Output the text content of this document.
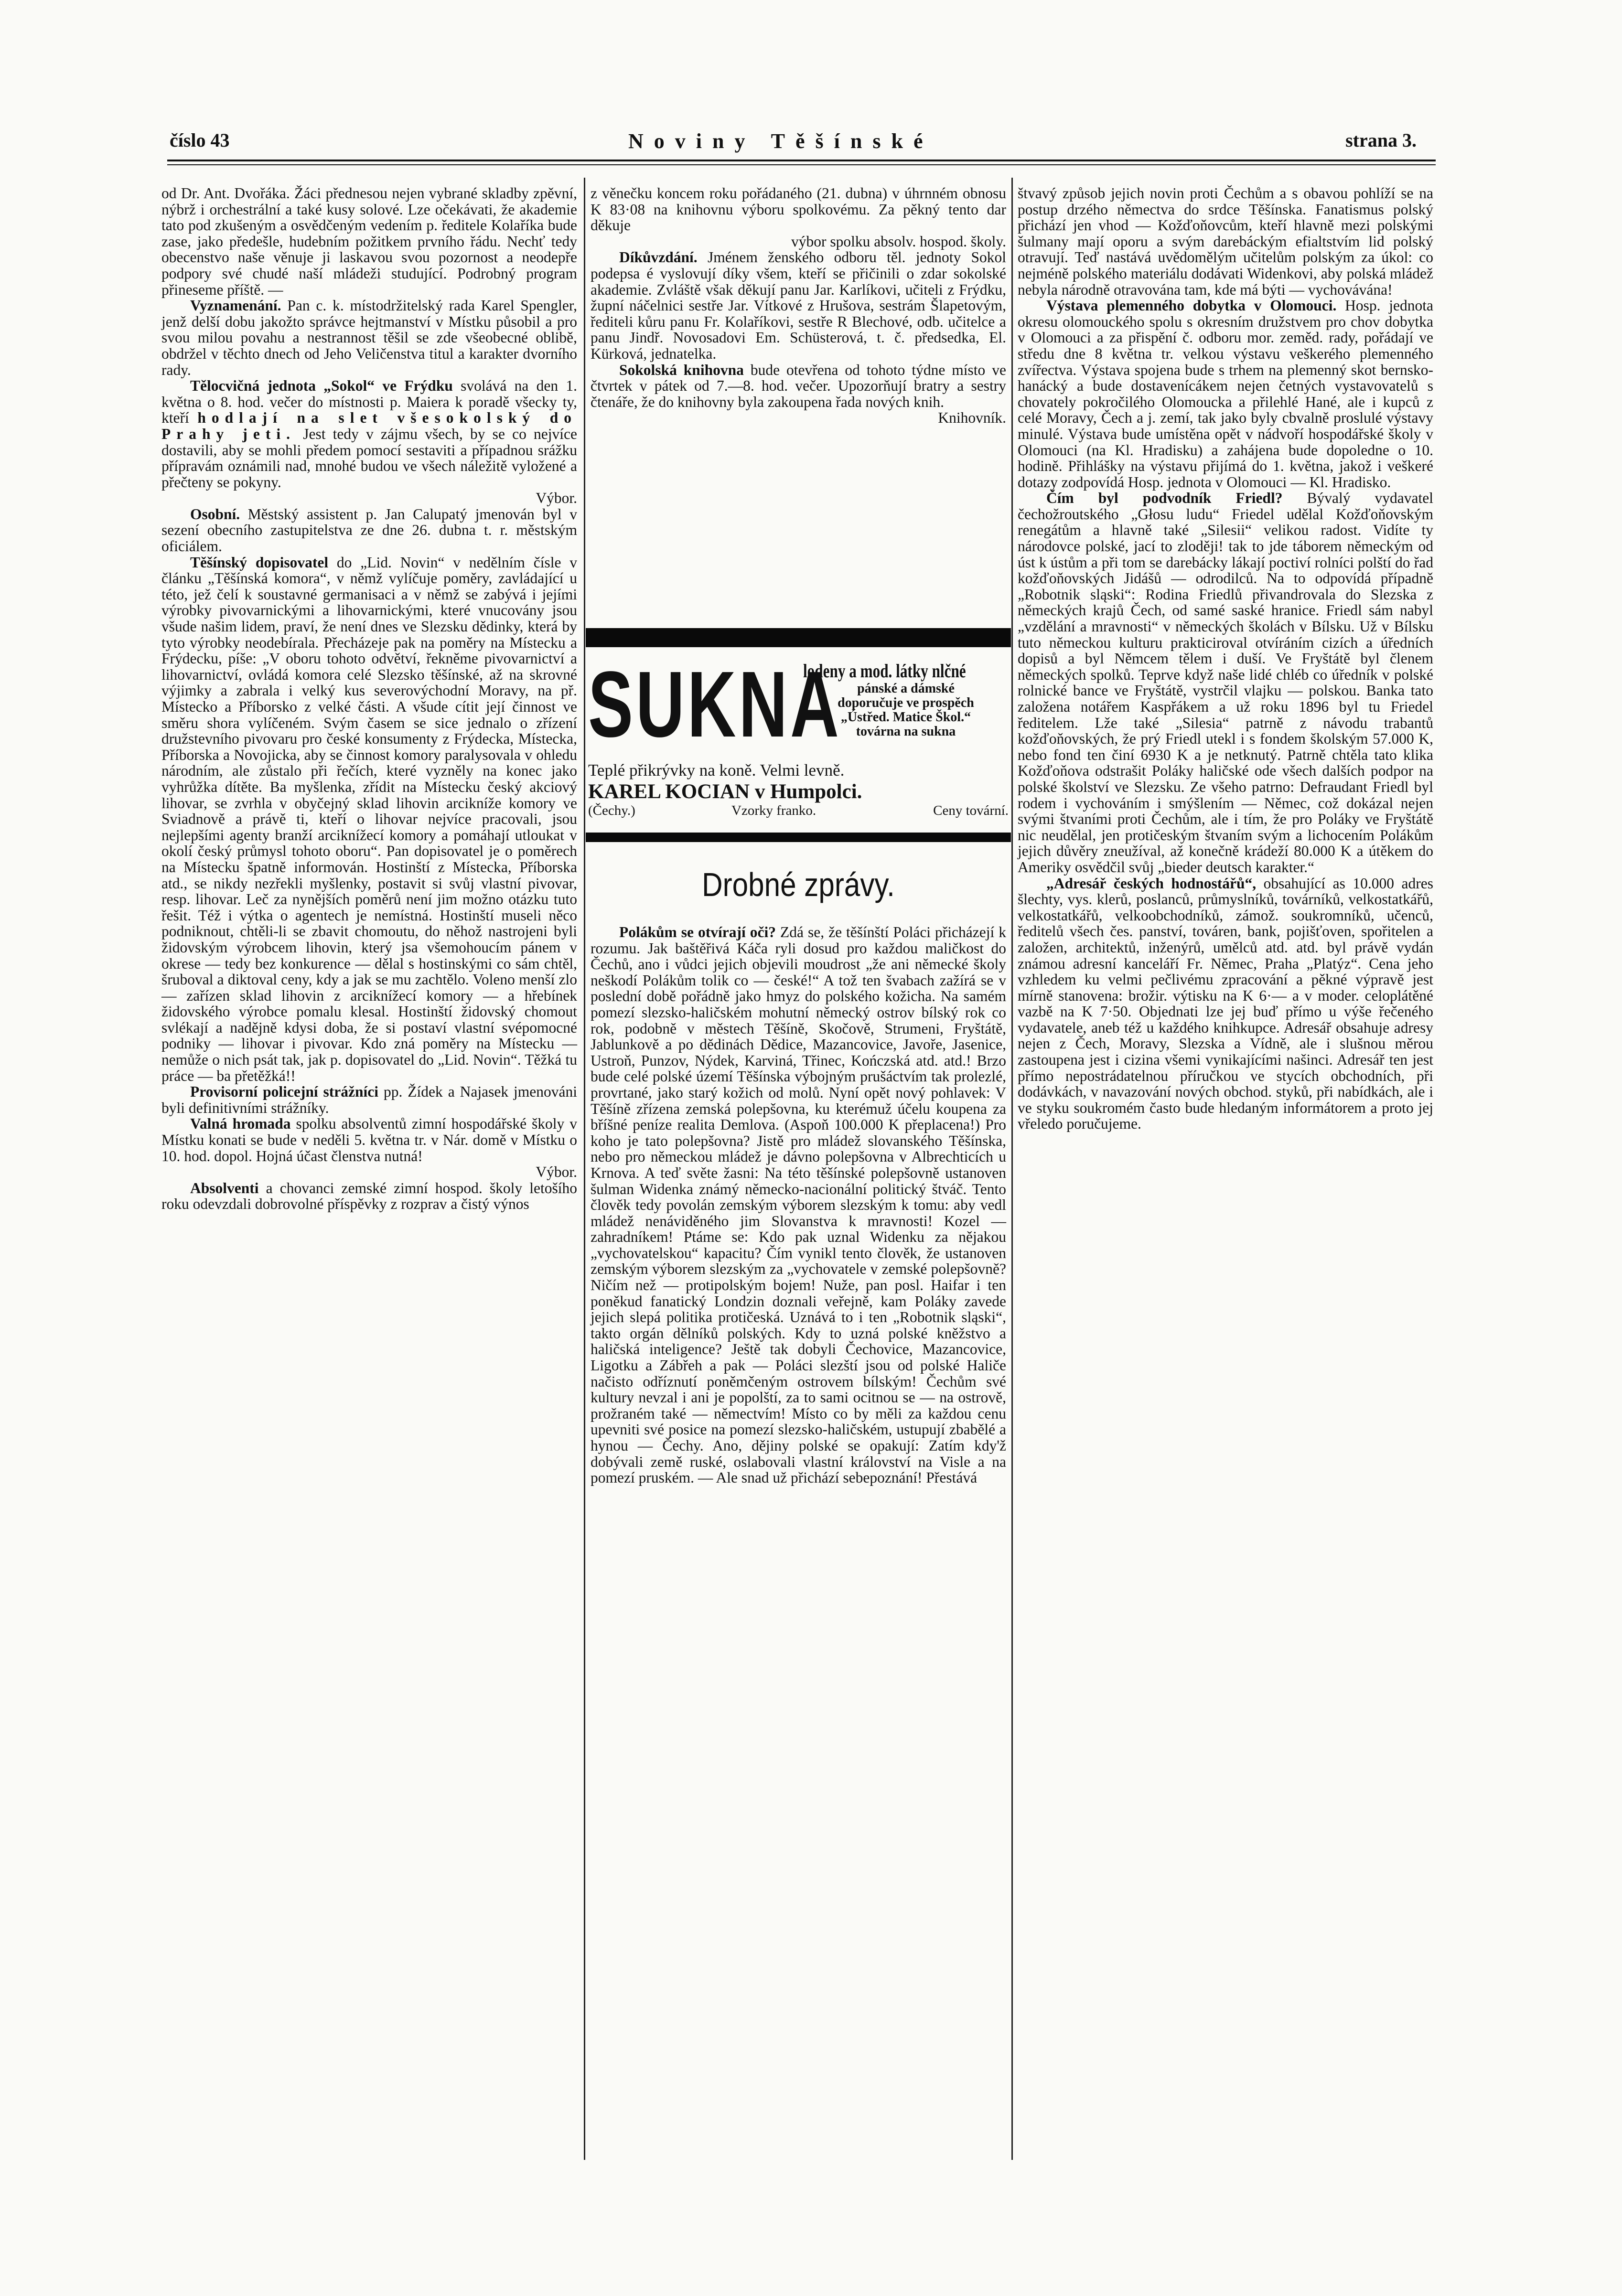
číslo 43	Noviny Těšínské	strana 3.

od Dr. Ant. Dvořáka. Žáci přednesou nejen vybrané skladby zpěvní, nýbrž i orchestrální a také kusy solové. Lze očekávati, že akademie tato pod zkušeným a osvědčeným vedením p. ředitele Kolaříka bude zase, jako předešle, hudebním požitkem prvního řádu. Nechť tedy obecenstvo naše věnuje ji laskavou svou pozornost a neodepře podpory své chudé naší mládeži studující. Podrobný program přineseme příště. —

Vyznamenání. Pan c. k. místodržitelský rada Karel Spengler, jenž delší dobu jakožto správce hejtmanství v Místku působil a pro svou milou povahu a nestrannost těšil se zde všeobecné oblibě, obdržel v těchto dnech od Jeho Veličenstva titul a karakter dvorního rady.

Tělocvičná jednota „Sokol“ ve Frýdku svolává na den 1. května o 8. hod. večer do místnosti p. Maiera k poradě všecky ty, kteří hodlají na slet všesokolský do Prahy jeti. Jest tedy v zájmu všech, by se co nejvíce dostavili, aby se mohli předem pomocí sestaviti a případnou srážku přípravám oznámili nad, mnohé budou ve všech náležitě vyložené a přečteny se pokyny.

Výbor.

Osobní. Městský assistent p. Jan Calupatý jmenován byl v sezení obecního zastupitelstva ze dne 26. dubna t. r. městským oficiálem.

Těšínský dopisovatel do „Lid. Novin“ v nedělním čísle v článku „Těšínská komora“, v němž vylíčuje poměry, zavládající u této, jež čelí k soustavné germanisaci a v němž se zabývá i jejími výrobky pivovarnickými a lihovarnickými, které vnucovány jsou všude našim lidem, praví, že není dnes ve Slezsku dědinky, která by tyto výrobky neodebírala. Přecházeje pak na poměry na Místecku a Frýdecku, píše: „V oboru tohoto odvětví, řekněme pivovarnictví a lihovarnictví, ovládá komora celé Slezsko těšínské, až na skrovné výjimky a zabrala i velký kus severovýchodní Moravy, na př. Místecko a Příborsko z velké části. A všude cítit její činnost ve směru shora vylíčeném. Svým časem se sice jednalo o zřízení družstevního pivovaru pro české konsumenty z Frýdecka, Místecka, Příborska a Novojicka, aby se činnost komory paralysovala v ohledu národním, ale zůstalo při řečích, které vyzněly na konec jako vyhrůžka dítěte. Ba myšlenka, zřídit na Místecku český akciový lihovar, se zvrhla v obyčejný sklad lihovin arcikníže komory ve Sviadnově a právě ti, kteří o lihovar nejvíce pracovali, jsou nejlepšími agenty branží arciknížecí komory a pomáhají utloukat v okolí český průmysl tohoto oboru“. Pan dopisovatel je o poměrech na Místecku špatně informován. Hostinští z Místecka, Příborska atd., se nikdy nezřekli myšlenky, postavit si svůj vlastní pivovar, resp. lihovar. Leč za nynějších poměrů není jim možno otázku tuto řešit. Též i výtka o agentech je nemístná. Hostinští museli něco podniknout, chtěli-li se zbavit chomoutu, do něhož nastrojeni byli židovským výrobcem lihovin, který jsa všemohoucím pánem v okrese — tedy bez konkurence — dělal s hostinskými co sám chtěl, šruboval a diktoval ceny, kdy a jak se mu zachtělo. Voleno menší zlo — zařízen sklad lihovin z arciknížecí komory — a hřebínek židovského výrobce pomalu klesal. Hostinští židovský chomout svlékají a nadějně kdysi doba, že si postaví vlastní svépomocné podniky — lihovar i pivovar. Kdo zná poměry na Místecku — nemůže o nich psát tak, jak p. dopisovatel do „Lid. Novin“. Těžká tu práce — ba přetěžká!!

Provisorní policejní strážníci pp. Žídek a Najasek jmenováni byli definitivními strážníky.

Valná hromada spolku absolventů zimní hospodářské školy v Místku konati se bude v neděli 5. května tr. v Nár. domě v Místku o 10. hod. dopol. Hojná účast členstva nutná!

Výbor.

Absolventi a chovanci zemské zimní hospod. školy letošího roku odevzdali dobrovolné příspěvky z rozprav a čistý výnos

z věnečku koncem roku pořádaného (21. dubna) v úhrnném obnosu K 83·08 na knihovnu výboru spolkovému. Za pěkný tento dar děkuje

výbor spolku absolv. hospod. školy.

Díkůvzdání. Jménem ženského odboru těl. jednoty Sokol podepsa é vyslovují díky všem, kteří se přičinili o zdar sokolské akademie. Zvláště však děkují panu Jar. Karlíkovi, učiteli z Frýdku, župní náčelnici sestře Jar. Vítkové z Hrušova, sestrám Šlapetovým, řediteli kůru panu Fr. Kolaříkovi, sestře R Blechové, odb. učitelce a panu Jindř. Novosadovi Em. Schüsterová, t. č. předsedka, El. Kürková, jednatelka.

Sokolská knihovna bude otevřena od tohoto týdne místo ve čtvrtek v pátek od 7.—8. hod. večer. Upozorňují bratry a sestry čtenáře, že do knihovny byla zakoupena řada nových knih.

Knihovník.

SUKNA
lodeny a mod. látky nlčné
pánské a dámské
doporučuje ve prospěch
„Ústřed. Matice Škol.“
továrna na sukna
Teplé přikrývky na koně. Velmi levně.
KAREL KOCIAN v Humpolci.
(Čechy.)	Vzorky franko.	Ceny tovární.
Drobné zprávy.

Polákům se otvírají oči? Zdá se, že těšínští Poláci přicházejí k rozumu. Jak baštěřivá Káča ryli dosud pro každou maličkost do Čechů, ano i vůdci jejich objevili moudrost „že ani německé školy neškodí Polákům tolik co — české!“ A tož ten švabach zažírá se v poslední době pořádně jako hmyz do polského kožicha. Na samém pomezí slezsko-haličském mohutní německý ostrov bílský rok co rok, podobně v městech Těšíně, Skočově, Strumeni, Fryštátě, Jablunkově a po dědinách Dědice, Mazancovice, Javoře, Jasenice, Ustroň, Punzov, Nýdek, Karviná, Třinec, Kończská atd. atd.! Brzo bude celé polské území Těšínska výbojným prušáctvím tak prolezlé, provrtané, jako starý kožich od molů. Nyní opět nový pohlavek: V Těšíně zřízena zemská polepšovna, ku kterémuž účelu koupena za bříšné peníze realita Demlova. (Aspoň 100.000 K přeplacena!) Pro koho je tato polepšovna? Jistě pro mládež slovanského Těšínska, nebo pro německou mládež je dávno polepšovna v Albrechticích u Krnova. A teď světe žasni: Na této těšínské polepšovně ustanoven šulman Widenka známý německo-nacionální politický štváč. Tento člověk tedy povolán zemským výborem slezským k tomu: aby vedl mládež nenáviděného jim Slovanstva k mravnosti! Kozel — zahradníkem! Ptáme se: Kdo pak uznal Widenku za nějakou „vychovatelskou“ kapacitu? Čím vynikl tento člověk, že ustanoven zemským výborem slezským za „vychovatele v zemské polepšovně? Ničím než — protipolským bojem! Nuže, pan posl. Haifar i ten poněkud fanatický Londzin doznali veřejně, kam Poláky zavede jejich slepá politika protičeská. Uznává to i ten „Robotnik sląski“, takto orgán dělníků polských. Kdy to uzná polské kněžstvo a haličská inteligence? Ještě tak dobyli Čechovice, Mazancovice, Ligotku a Zábřeh a pak — Poláci slezští jsou od polské Haliče načisto odříznutí poněmčeným ostrovem bílským! Čechům své kultury nevzal i ani je popolští, za to sami ocitnou se — na ostrově, prožraném také — němectvím! Místo co by měli za každou cenu upevniti své posice na pomezí slezsko-haličském, ustupují zbabělé a hynou — Čechy. Ano, dějiny polské se opakují: Zatím kdy'ž dobývali země ruské, oslabovali vlastní království na Visle a na pomezí pruském. — Ale snad už přichází sebepoznání! Přestává

štvavý způsob jejich novin proti Čechům a s obavou pohlíží se na postup drzého němectva do srdce Těšínska. Fanatismus polský přichází jen vhod — Kožďoňovcům, kteří hlavně mezi polskými šulmany mají oporu a svým darebáckým efialtstvím lid polský otravují. Teď nastává uvědomělým učitelům polským za úkol: co nejméně polského materiálu dodávati Widenkovi, aby polská mládež nebyla národně otravována tam, kde má býti — vychovávána!

Výstava plemenného dobytka v Olomouci. Hosp. jednota okresu olomouckého spolu s okresním družstvem pro chov dobytka v Olomouci a za přispění č. odboru mor. zeměd. rady, pořádají ve středu dne 8 května tr. velkou výstavu veškerého plemenného zvířectva. Výstava spojena bude s trhem na plemenný skot bernsko-hanácký a bude dostavenícákem nejen četných vystavovatelů s chovately pokročilého Olomoucka a přilehlé Hané, ale i kupců z celé Moravy, Čech a j. zemí, tak jako byly cbvalně proslulé výstavy minulé. Výstava bude umístěna opět v nádvoří hospodářské školy v Olomouci (na Kl. Hradisku) a zahájena bude dopoledne o 10. hodině. Přihlášky na výstavu přijímá do 1. května, jakož i veškeré dotazy zodpovídá Hosp. jednota v Olomouci — Kl. Hradisko.

Čím byl podvodník Friedl? Bývalý vydavatel čechožroutského „Głosu ludu“ Friedel udělal Kožďoňovským renegátům a hlavně také „Silesii“ velikou radost. Vidíte ty národovce polské, jací to zloději! tak to jde táborem německým od úst k ústům a při tom se darebácky lákají poctiví rolníci polští do řad kožďoňovských Jidášů — odrodilců. Na to odpovídá případně „Robotnik sląski“: Rodina Friedlů přivandrovala do Slezska z německých krajů Čech, od samé saské hranice. Friedl sám nabyl „vzdělání a mravnosti“ v německých školách v Bílsku. Už v Bílsku tuto německou kulturu prakticiroval otvíráním cizích a úředních dopisů a byl Němcem tělem i duší. Ve Fryštátě byl členem německých spolků. Teprve když naše lidé chléb co úředník v polské rolnické bance ve Fryštátě, vystrčil vlajku — polskou. Banka tato založena notářem Kaspřákem a už roku 1896 byl tu Friedel ředitelem. Lže také „Silesia“ patrně z návodu trabantů kožďoňovských, že prý Friedl utekl i s fondem školským 57.000 K, nebo fond ten činí 6930 K a je netknutý. Patrně chtěla tato klika Kožďoňova odstrašit Poláky haličské ode všech dalších podpor na polské školství ve Slezsku. Ze všeho patrno: Defraudant Friedl byl rodem i vychováním i smýšlením — Němec, což dokázal nejen svými štvaními proti Čechům, ale i tím, že pro Poláky ve Fryštátě nic neudělal, jen protičeským štvaním svým a lichocením Polákům jejich důvěry zneužíval, až konečně krádeží 80.000 K a útěkem do Ameriky osvědčil svůj „bieder deutsch karakter.“

„Adresář českých hodnostářů“, obsahující as 10.000 adres šlechty, vys. klerů, poslanců, průmyslníků, továrníků, velkostatkářů, velkostatkářů, velkoobchodníků, zámož. soukromníků, učenců, ředitelů všech čes. panství, továren, bank, pojišťoven, spořitelen a založen, architektů, inženýrů, umělců atd. atd. byl právě vydán známou adresní kanceláří Fr. Němec, Praha „Platýz“. Cena jeho vzhledem ku velmi pečlivému zpracování a pěkné výpravě jest mírně stanovena: brožir. výtisku na K 6·— a v moder. celoplátěné vazbě na K 7·50. Objednati lze jej buď přímo u výše řečeného vydavatele, aneb též u každého knihkupce. Adresář obsahuje adresy nejen z Čech, Moravy, Slezska a Vídně, ale i slušnou měrou zastoupena jest i cizina všemi vynikajícími našinci. Adresář ten jest přímo nepostrádatelnou příručkou ve stycích obchodních, při dodávkách, v navazování nových obchod. styků, při nabídkách, ale i ve styku soukromém často bude hledaným informátorem a proto jej vřeledo poručujeme.
